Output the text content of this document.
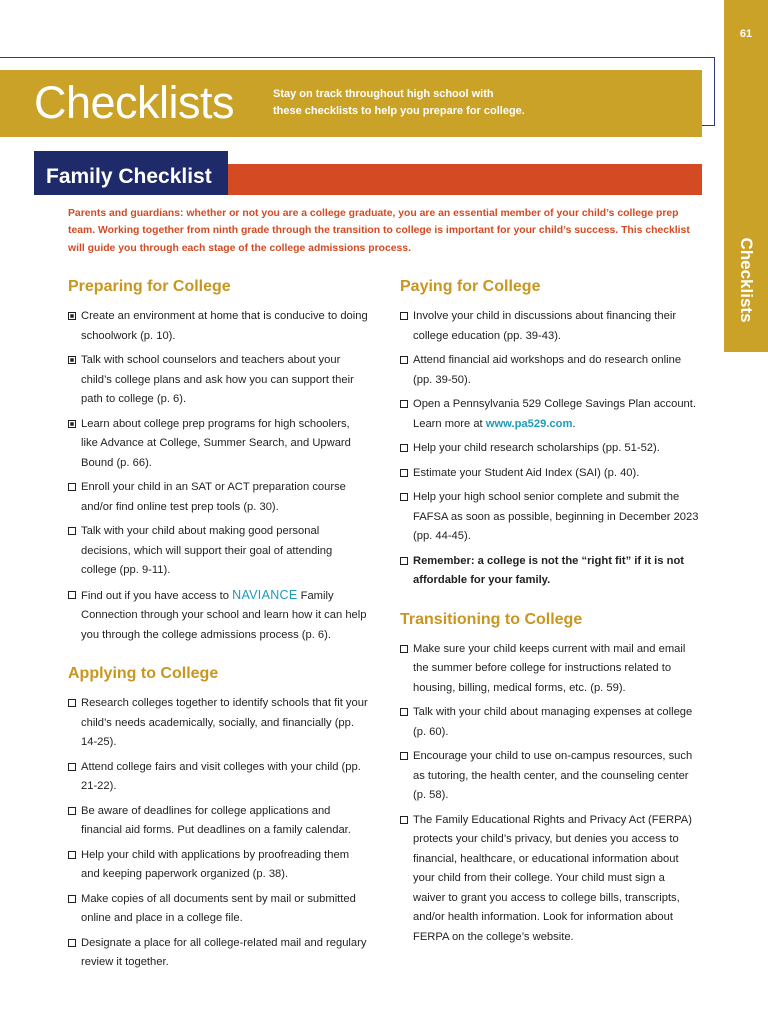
61
Checklists
Checklists	Stay on track throughout high school with
these checklists to help you prepare for college.
Family Checklist

Parents and guardians: whether or not you are a college graduate, you are an essential member of your child’s college prep team. Working together from ninth grade through the transition to college is important for your child’s success. This checklist will guide you through each stage of the college admissions process.

Preparing for College
Create an environment at home that is conducive to doing schoolwork (p. 10).
Talk with school counselors and teachers about your child’s college plans and ask how you can support their path to college (p. 6).
Learn about college prep programs for high schoolers, like Advance at College, Summer Search, and Upward Bound (p. 66).
Enroll your child in an SAT or ACT preparation course and/or find online test prep tools (p. 30).
Talk with your child about making good personal decisions, which will support their goal of attending college (pp. 9-11).
Find out if you have access to NAVIANCE Family Connection through your school and learn how it can help you through the college admissions process (p. 6).
Applying to College
Research colleges together to identify schools that fit your child’s needs academically, socially, and financially (pp. 14-25).
Attend college fairs and visit colleges with your child (pp. 21-22).
Be aware of deadlines for college applications and financial aid forms. Put deadlines on a family calendar.
Help your child with applications by proofreading them and keeping paperwork organized (p. 38).
Make copies of all documents sent by mail or submitted online and place in a college file.
Designate a place for all college-related mail and regulary review it together.
Paying for College
Involve your child in discussions about financing their college education (pp. 39-43).
Attend financial aid workshops and do research online (pp. 39-50).
Open a Pennsylvania 529 College Savings Plan account. Learn more at www.pa529.com.
Help your child research scholarships (pp. 51-52).
Estimate your Student Aid Index (SAI) (p. 40).
Help your high school senior complete and submit the FAFSA as soon as possible, beginning in December 2023 (pp. 44-45).
Remember: a college is not the “right fit” if it is not affordable for your family.
Transitioning to College
Make sure your child keeps current with mail and email the summer before college for instructions related to housing, billing, medical forms, etc. (p. 59).
Talk with your child about managing expenses at college (p. 60).
Encourage your child to use on-campus resources, such as tutoring, the health center, and the counseling center (p. 58).
The Family Educational Rights and Privacy Act (FERPA) protects your child’s privacy, but denies you access to financial, healthcare, or educational information about your child from their college. Your child must sign a waiver to grant you access to college bills, transcripts, and/or health information. Look for information about FERPA on the college’s website.
